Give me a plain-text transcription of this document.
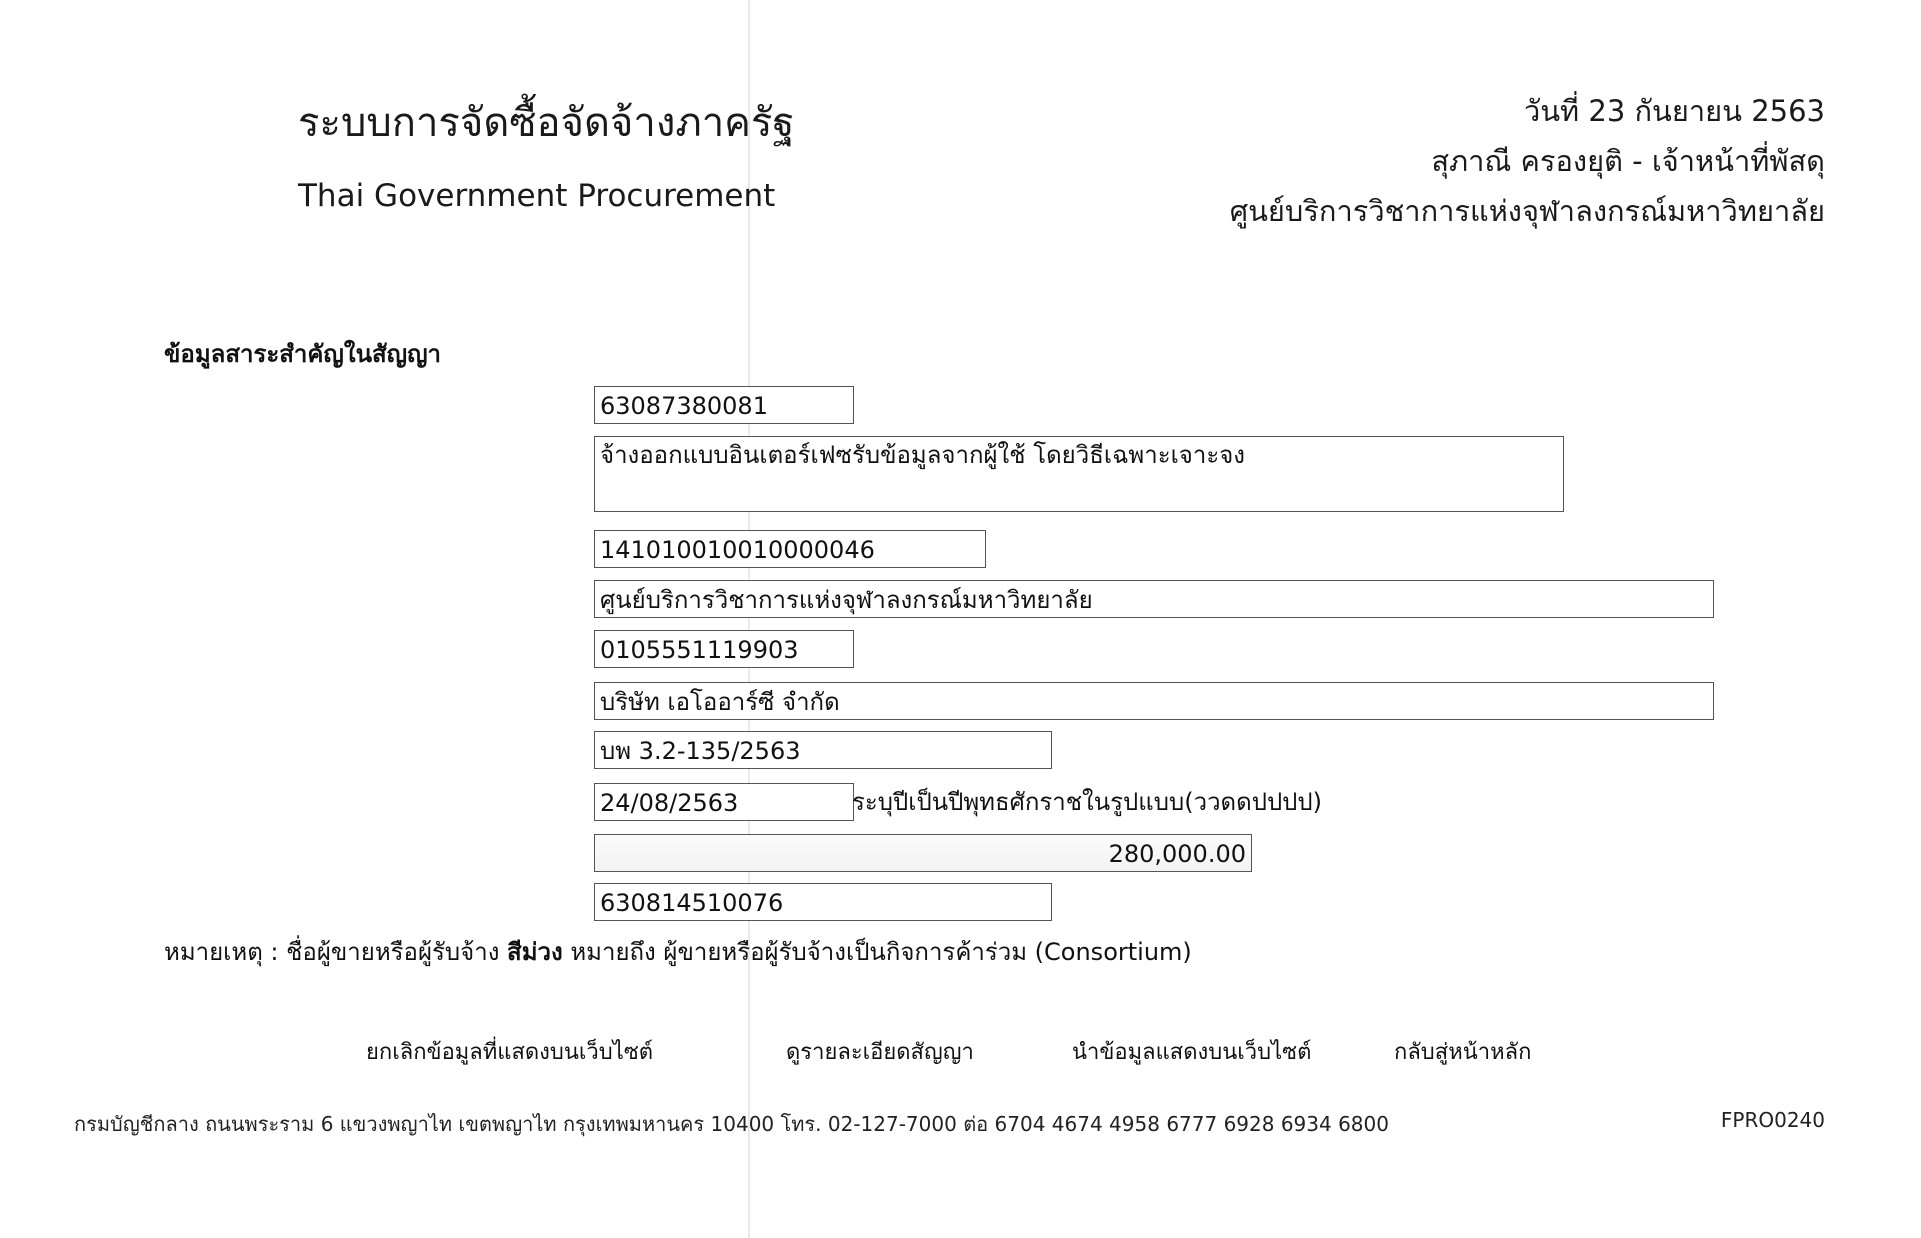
ระบบการจัดซื้อจัดจ้างภาครัฐ
Thai Government Procurement
วันที่ 23 กันยายน 2563
สุภาณี ครองยุติ - เจ้าหน้าที่พัสดุ
ศูนย์บริการวิชาการแห่งจุฬาลงกรณ์มหาวิทยาลัย
ข้อมูลสาระสำคัญในสัญญา
63087380081
จ้างออกแบบอินเตอร์เฟซรับข้อมูลจากผู้ใช้ โดยวิธีเฉพาะเจาะจง
141010010010000046
ศูนย์บริการวิชาการแห่งจุฬาลงกรณ์มหาวิทยาลัย
0105551119903
บริษัท เอโออาร์ซี จำกัด
บพ 3.2-135/2563
24/08/2563	ระบุปีเป็นปีพุทธศักราชในรูปแบบ(ววดดปปปป)
280,000.00
630814510076
หมายเหตุ : ชื่อผู้ขายหรือผู้รับจ้าง สีม่วง หมายถึง ผู้ขายหรือผู้รับจ้างเป็นกิจการค้าร่วม (Consortium)
ยกเลิกข้อมูลที่แสดงบนเว็บไซต์	ดูรายละเอียดสัญญา	นำข้อมูลแสดงบนเว็บไซต์	กลับสู่หน้าหลัก
กรมบัญชีกลาง ถนนพระราม 6 แขวงพญาไท เขตพญาไท กรุงเทพมหานคร 10400 โทร. 02-127-7000 ต่อ 6704 4674 4958 6777 6928 6934 6800	FPRO0240
